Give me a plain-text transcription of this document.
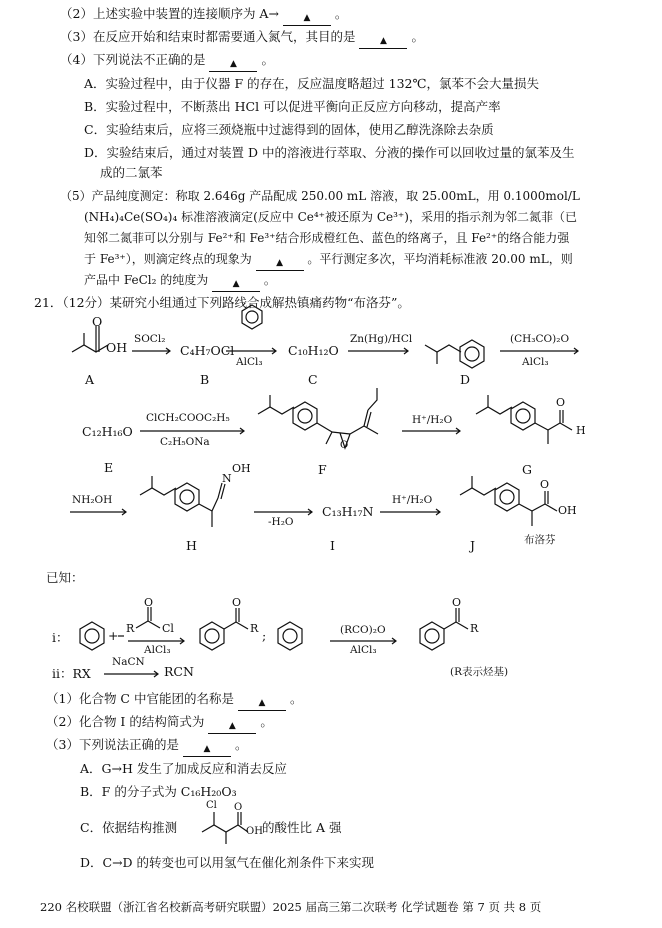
（2）上述实验中装置的连接顺序为 A→	▲ 。
（3）在反应开始和结束时都需要通入氮气，其目的是	▲ 。
（4）下列说法不正确的是	▲ 。
A．实验过程中，由于仪器 F 的存在，反应温度略超过 132℃，氯苯不会大量损失
B．实验过程中，不断蒸出 HCl 可以促进平衡向正反应方向移动，提高产率
C．实验结束后，应将三颈烧瓶中过滤得到的固体，使用乙醇洗涤除去杂质
D．实验结束后，通过对装置 D 中的溶液进行萃取、分液的操作可以回收过量的氯苯及生
成的二氯苯
（5）产品纯度测定：称取 2.646g 产品配成 250.00 mL 溶液，取 25.00mL，用 0.1000mol/L
(NH₄)₄Ce(SO₄)₄ 标准溶液滴定(反应中 Ce⁴⁺被还原为 Ce³⁺)，采用的指示剂为邻二氮菲（已
知邻二氮菲可以分别与 Fe²⁺和 Fe³⁺结合形成橙红色、蓝色的络离子，且 Fe²⁺的络合能力强
于 Fe³⁺），则滴定终点的现象为	▲ 。平行测定多次，平均消耗标准液 20.00 mL，则
产品中 FeCl₂ 的纯度为	▲ 。
21．（12分）某研究小组通过下列路线合成解热镇痛药物“布洛芬”。
OH
O
A
SOCl₂
C₄H₇OCl
B
AlCl₃
C₁₀H₁₂O
C
Zn(Hg)/HCl
D
(CH₃CO)₂O
AlCl₃
C₁₂H₁₆O
E
ClCH₂COOC₂H₅
C₂H₅ONa	O
F
H⁺/H₂O
O
H
G
NH₂OH
N
OH
H
-H₂O
C₁₃H₁₇N
I
H⁺/H₂O
O
OH
布洛芬
J
已知：
i：	+ R
O
Cl
AlCl₃
O
R ;	(RCO)₂O
AlCl₃
O
R
ii：RX
NaCN
RCN	(R表示烃基)
（1）化合物 C 中官能团的名称是	▲ 。
（2）化合物 I 的结构简式为	▲ 。
（3）下列说法正确的是	▲ 。
A．G→H 发生了加成反应和消去反应
B．F 的分子式为 C₁₆H₂₀O₃
C．依据结构推测
Cl O
OH 的酸性比 A 强
D．C→D 的转变也可以用氢气在催化剂条件下来实现
220 名校联盟（浙江省名校新高考研究联盟）2025 届高三第二次联考 化学试题卷 第 7 页 共 8 页
